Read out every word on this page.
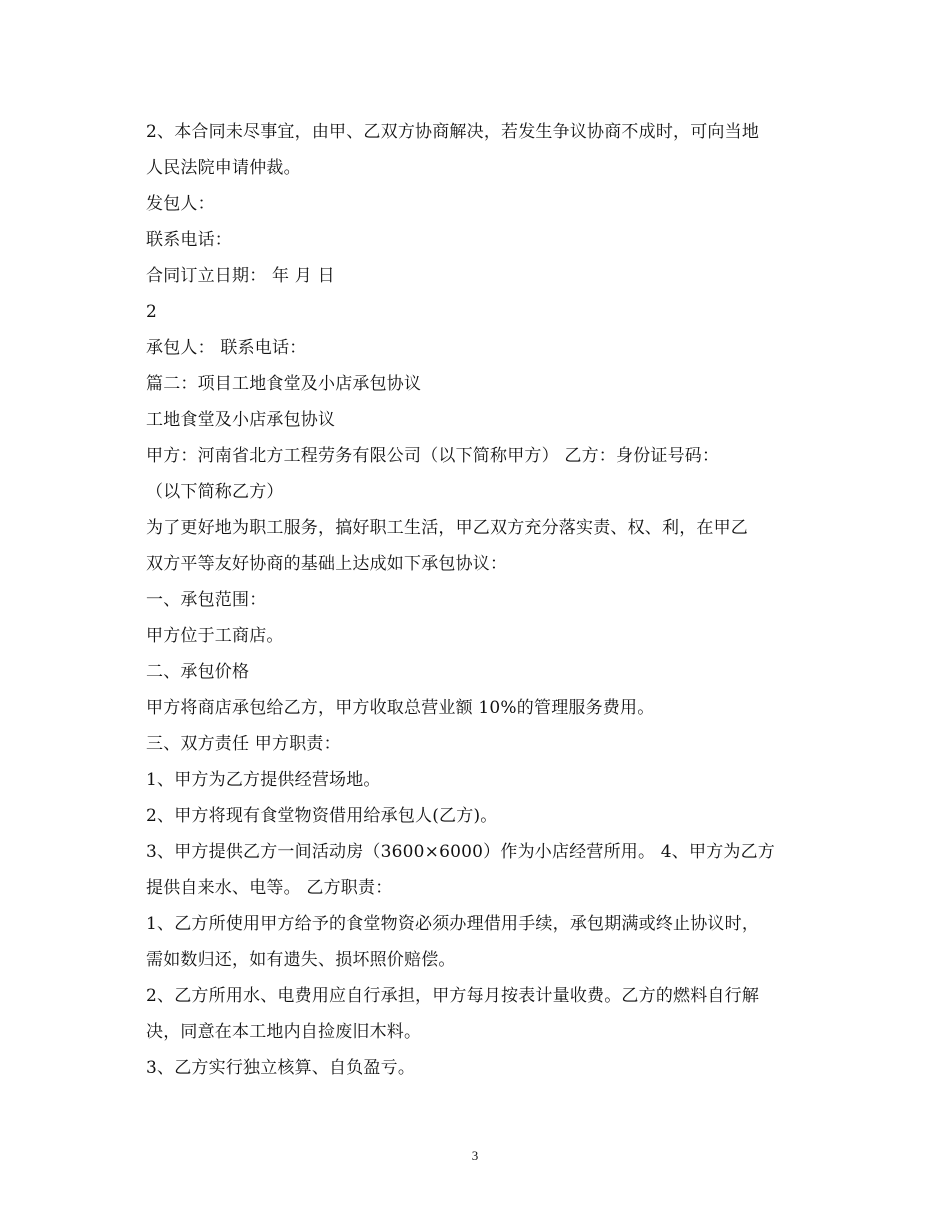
2、本合同未尽事宜，由甲、乙双方协商解决，若发生争议协商不成时，可向当地
人民法院申请仲裁。
发包人：
联系电话：
合同订立日期： 年 月 日
2
承包人： 联系电话：
篇二：项目工地食堂及小店承包协议
工地食堂及小店承包协议
甲方：河南省北方工程劳务有限公司（以下简称甲方） 乙方：身份证号码：
（以下简称乙方）
为了更好地为职工服务，搞好职工生活，甲乙双方充分落实责、权、利，在甲乙
双方平等友好协商的基础上达成如下承包协议：
一、承包范围：
甲方位于工商店。
二、承包价格
甲方将商店承包给乙方，甲方收取总营业额 10%的管理服务费用。
三、双方责任 甲方职责：
1、甲方为乙方提供经营场地。
2、甲方将现有食堂物资借用给承包人(乙方)。
3、甲方提供乙方一间活动房（3600×6000）作为小店经营所用。 4、甲方为乙方
提供自来水、电等。 乙方职责：
1、乙方所使用甲方给予的食堂物资必须办理借用手续，承包期满或终止协议时，
需如数归还，如有遗失、损坏照价赔偿。
2、乙方所用水、电费用应自行承担，甲方每月按表计量收费。乙方的燃料自行解
决，同意在本工地内自捡废旧木料。
3、乙方实行独立核算、自负盈亏。
3
